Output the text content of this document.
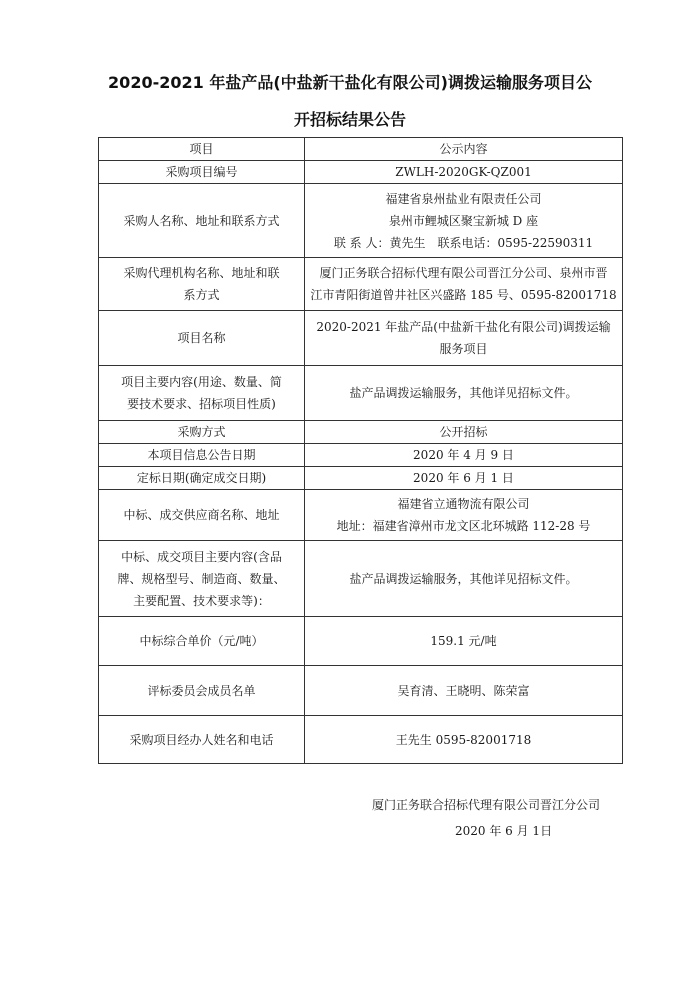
2020-2021 年盐产品(中盐新干盐化有限公司)调拨运输服务项目公
开招标结果公告
项目	公示内容

采购项目编号	ZWLH-2020GK-QZ001

采购人名称、地址和联系方式	福建省泉州盐业有限责任公司
泉州市鲤城区聚宝新城 D 座
联 系 人：黄先生　联系电话：0595-22590311

采购代理机构名称、地址和联
系方式	厦门正务联合招标代理有限公司晋江分公司、泉州市晋
江市青阳街道曾井社区兴盛路 185 号、0595-82001718

项目名称	2020-2021 年盐产品(中盐新干盐化有限公司)调拨运输
服务项目

项目主要内容(用途、数量、简
要技术要求、招标项目性质)	盐产品调拨运输服务，其他详见招标文件。

采购方式	公开招标

本项目信息公告日期	2020 年 4 月 9 日

定标日期(确定成交日期)	2020 年 6 月 1 日

中标、成交供应商名称、地址	福建省立通物流有限公司
地址：福建省漳州市龙文区北环城路 112-28 号

中标、成交项目主要内容(含品
牌、规格型号、制造商、数量、
主要配置、技术要求等)：	盐产品调拨运输服务，其他详见招标文件。

中标综合单价（元/吨）	159.1 元/吨

评标委员会成员名单	吴育清、王晓明、陈荣富

采购项目经办人姓名和电话	王先生 0595-82001718
厦门正务联合招标代理有限公司晋江分公司
2020 年 6 月 1日
